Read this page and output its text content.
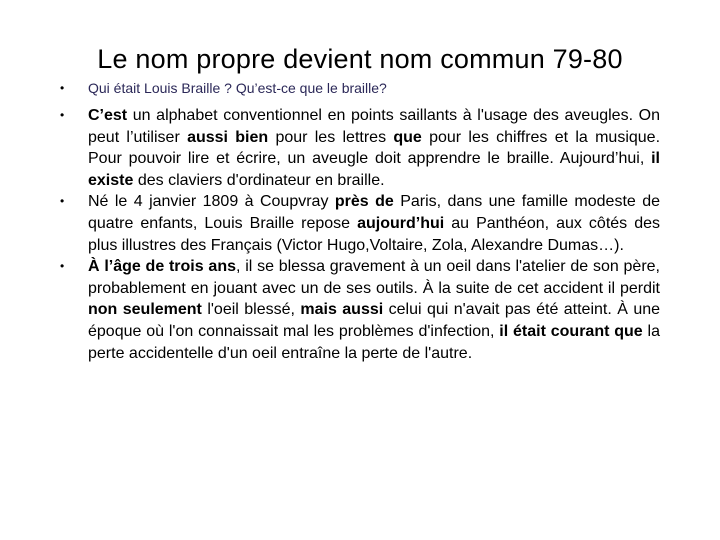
Le nom propre devient nom commun 79-80
• Qui était Louis Braille ? Qu’est-ce que le braille?
• C’est un alphabet conventionnel en points saillants à l'usage des aveugles. On peut l’utiliser aussi bien pour les lettres que pour les chiffres et la musique. Pour pouvoir lire et écrire, un aveugle doit apprendre le braille. Aujourd’hui, il existe des claviers d'ordinateur en braille.
• Né le 4 janvier 1809 à Coupvray près de Paris, dans une famille modeste de quatre enfants, Louis Braille repose aujourd’hui au Panthéon, aux côtés des plus illustres des Français (Victor Hugo,Voltaire, Zola, Alexandre Dumas…).
• À l’âge de trois ans, il se blessa gravement à un oeil dans l'atelier de son père, probablement en jouant avec un de ses outils. À la suite de cet accident il perdit non seulement l'oeil blessé, mais aussi celui qui n'avait pas été atteint. À une époque où l'on connaissait mal les problèmes d'infection, il était courant que la perte accidentelle d'un oeil entraîne la perte de l'autre.
